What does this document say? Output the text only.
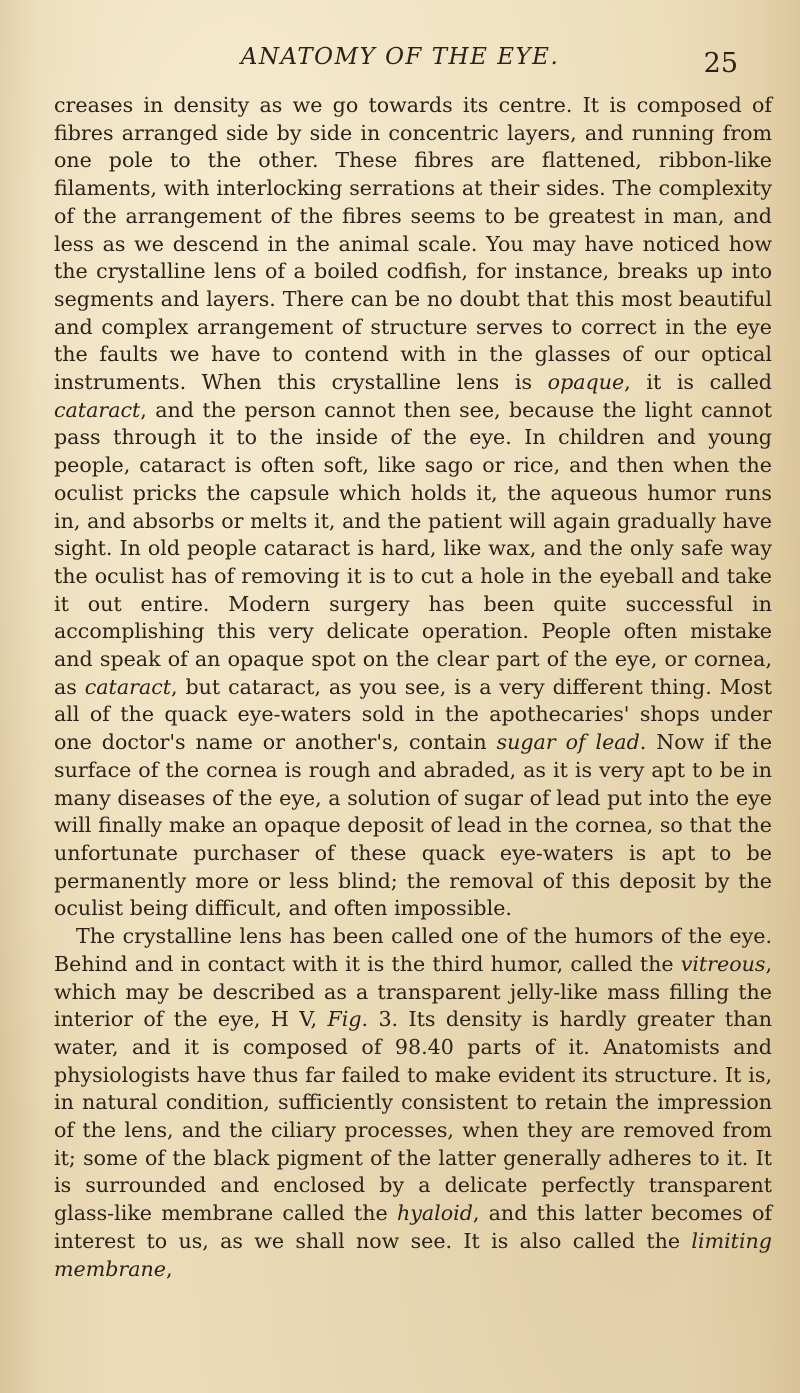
ANATOMY OF THE EYE.	25

creases in density as we go towards its centre. It is composed of fibres arranged side by side in concentric layers, and running from one pole to the other. These fibres are flattened, ribbon-like filaments, with interlocking serrations at their sides. The complexity of the arrangement of the fibres seems to be greatest in man, and less as we descend in the animal scale. You may have noticed how the crystalline lens of a boiled codfish, for instance, breaks up into segments and layers. There can be no doubt that this most beautiful and complex arrangement of structure serves to correct in the eye the faults we have to contend with in the glasses of our optical instruments. When this crystalline lens is opaque, it is called cataract, and the person cannot then see, because the light cannot pass through it to the inside of the eye. In children and young people, cataract is often soft, like sago or rice, and then when the oculist pricks the capsule which holds it, the aqueous humor runs in, and absorbs or melts it, and the patient will again gradually have sight. In old people cataract is hard, like wax, and the only safe way the oculist has of removing it is to cut a hole in the eyeball and take it out entire. Modern surgery has been quite successful in accomplishing this very delicate operation. People often mistake and speak of an opaque spot on the clear part of the eye, or cornea, as cataract, but cataract, as you see, is a very different thing. Most all of the quack eye-waters sold in the apothecaries' shops under one doctor's name or another's, contain sugar of lead. Now if the surface of the cornea is rough and abraded, as it is very apt to be in many diseases of the eye, a solution of sugar of lead put into the eye will finally make an opaque deposit of lead in the cornea, so that the unfortunate purchaser of these quack eye-waters is apt to be permanently more or less blind; the removal of this deposit by the oculist being difficult, and often impossible.

The crystalline lens has been called one of the humors of the eye. Behind and in contact with it is the third humor, called the vitreous, which may be described as a transparent jelly-like mass filling the interior of the eye, H V, Fig. 3. Its density is hardly greater than water, and it is composed of 98.40 parts of it. Anatomists and physiologists have thus far failed to make evident its structure. It is, in natural condition, sufficiently consistent to retain the impression of the lens, and the ciliary processes, when they are removed from it; some of the black pigment of the latter generally adheres to it. It is surrounded and enclosed by a delicate perfectly transparent glass-like membrane called the hyaloid, and this latter becomes of interest to us, as we shall now see. It is also called the limiting membrane,
